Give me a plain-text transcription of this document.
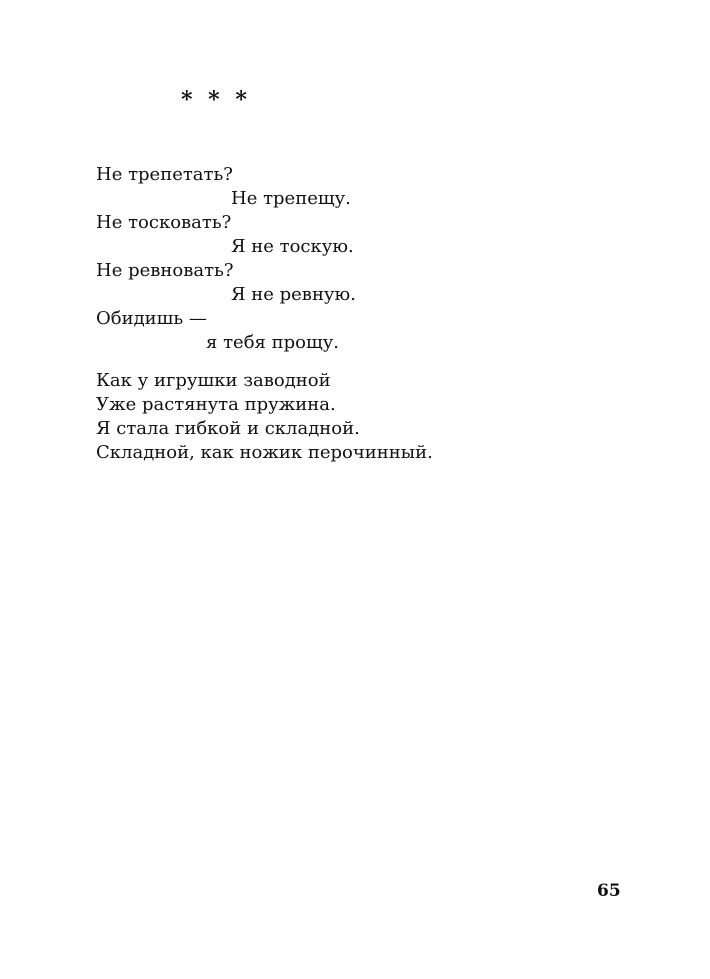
* * *
Не трепетать?
Не трепещу.
Не тосковать?
Я не тоскую.
Не ревновать?
Я не ревную.
Обидишь —
я тебя прощу.
Как у игрушки заводной
Уже растянута пружина.
Я стала гибкой и складной.
Складной, как ножик перочинный.
65
